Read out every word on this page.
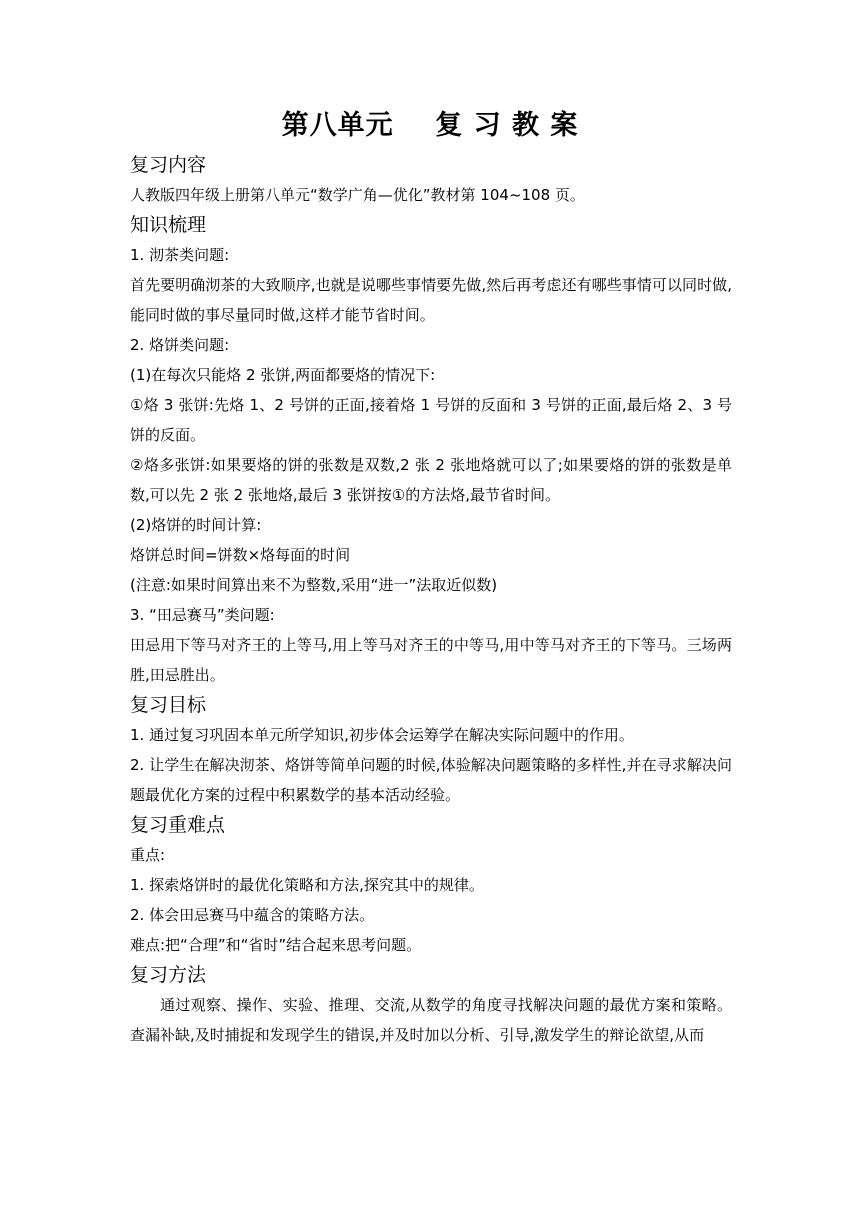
第八单元    复 习 教 案
复习内容
人教版四年级上册第八单元“数学广角—优化”教材第 104~108 页。
知识梳理
1. 沏茶类问题:
首先要明确沏茶的大致顺序,也就是说哪些事情要先做,然后再考虑还有哪些事情可以同时做,能同时做的事尽量同时做,这样才能节省时间。
2. 烙饼类问题:
(1)在每次只能烙 2 张饼,两面都要烙的情况下:
①烙 3 张饼:先烙 1、2 号饼的正面,接着烙 1 号饼的反面和 3 号饼的正面,最后烙 2、3 号饼的反面。
②烙多张饼:如果要烙的饼的张数是双数,2 张 2 张地烙就可以了;如果要烙的饼的张数是单数,可以先 2 张 2 张地烙,最后 3 张饼按①的方法烙,最节省时间。
(2)烙饼的时间计算:
烙饼总时间=饼数×烙每面的时间
(注意:如果时间算出来不为整数,采用“进一”法取近似数)
3. “田忌赛马”类问题:
田忌用下等马对齐王的上等马,用上等马对齐王的中等马,用中等马对齐王的下等马。三场两胜,田忌胜出。
复习目标
1. 通过复习巩固本单元所学知识,初步体会运筹学在解决实际问题中的作用。
2. 让学生在解决沏茶、烙饼等简单问题的时候,体验解决问题策略的多样性,并在寻求解决问题最优化方案的过程中积累数学的基本活动经验。
复习重难点
重点:
1. 探索烙饼时的最优化策略和方法,探究其中的规律。
2. 体会田忌赛马中蕴含的策略方法。
难点:把“合理”和“省时”结合起来思考问题。
复习方法
通过观察、操作、实验、推理、交流,从数学的角度寻找解决问题的最优方案和策略。查漏补缺,及时捕捉和发现学生的错误,并及时加以分析、引导,激发学生的辩论欲望,从而
